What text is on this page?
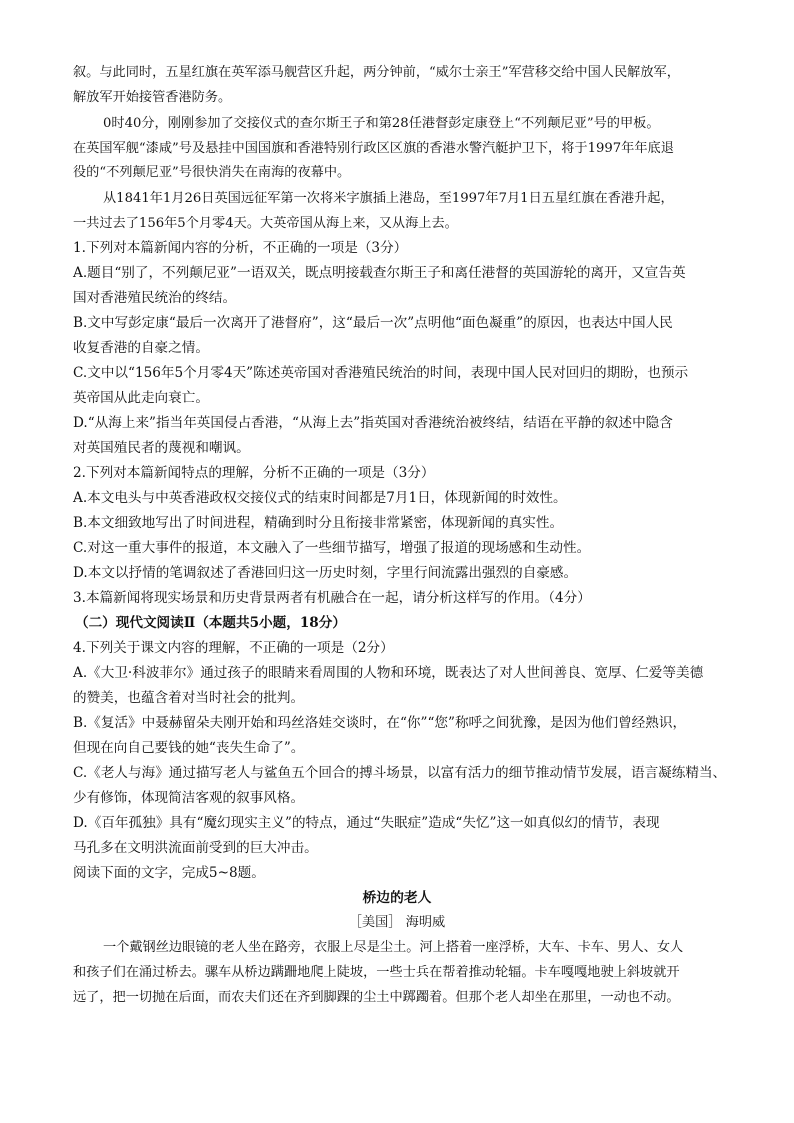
叙。与此同时，五星红旗在英军添马舰营区升起，两分钟前，“威尔士亲王”军营移交给中国人民解放军，
解放军开始接管香港防务。
0时40分，刚刚参加了交接仪式的查尔斯王子和第28任港督彭定康登上“不列颠尼亚”号的甲板。
在英国军舰“漆咸”号及悬挂中国国旗和香港特别行政区区旗的香港水警汽艇护卫下，将于1997年年底退
役的“不列颠尼亚”号很快消失在南海的夜幕中。
从1841年1月26日英国远征军第一次将米字旗插上港岛，至1997年7月1日五星红旗在香港升起，
一共过去了156年5个月零4天。大英帝国从海上来，又从海上去。
1.下列对本篇新闻内容的分析，不正确的一项是（3分）
A.题目“别了，不列颠尼亚”一语双关，既点明接载查尔斯王子和离任港督的英国游轮的离开，又宣告英
国对香港殖民统治的终结。
B.文中写彭定康“最后一次离开了港督府”，这“最后一次”点明他“面色凝重”的原因，也表达中国人民
收复香港的自豪之情。
C.文中以“156年5个月零4天”陈述英帝国对香港殖民统治的时间，表现中国人民对回归的期盼，也预示
英帝国从此走向衰亡。
D.“从海上来”指当年英国侵占香港，“从海上去”指英国对香港统治被终结，结语在平静的叙述中隐含
对英国殖民者的蔑视和嘲讽。
2.下列对本篇新闻特点的理解，分析不正确的一项是（3分）
A.本文电头与中英香港政权交接仪式的结束时间都是7月1日，体现新闻的时效性。
B.本文细致地写出了时间进程，精确到时分且衔接非常紧密，体现新闻的真实性。
C.对这一重大事件的报道，本文融入了一些细节描写，增强了报道的现场感和生动性。
D.本文以抒情的笔调叙述了香港回归这一历史时刻，字里行间流露出强烈的自豪感。
3.本篇新闻将现实场景和历史背景两者有机融合在一起，请分析这样写的作用。（4分）
（二）现代文阅读Ⅱ（本题共5小题，18分）
4.下列关于课文内容的理解，不正确的一项是（2分）
A.《大卫·科波菲尔》通过孩子的眼睛来看周围的人物和环境，既表达了对人世间善良、宽厚、仁爱等美德
的赞美，也蕴含着对当时社会的批判。
B.《复活》中聂赫留朵夫刚开始和玛丝洛娃交谈时，在“你”“您”称呼之间犹豫，是因为他们曾经熟识，
但现在向自己要钱的她“丧失生命了”。
C.《老人与海》通过描写老人与鲨鱼五个回合的搏斗场景，以富有活力的细节推动情节发展，语言凝练精当、
少有修饰，体现简洁客观的叙事风格。
D.《百年孤独》具有“魔幻现实主义”的特点，通过“失眠症”造成“失忆”这一如真似幻的情节，表现
马孔多在文明洪流面前受到的巨大冲击。
阅读下面的文字，完成5~8题。
桥边的老人
［美国］ 海明威
一个戴钢丝边眼镜的老人坐在路旁，衣服上尽是尘土。河上搭着一座浮桥，大车、卡车、男人、女人
和孩子们在涌过桥去。骡车从桥边蹒跚地爬上陡坡，一些士兵在帮着推动轮辐。卡车嘎嘎地驶上斜坡就开
远了，把一切抛在后面，而农夫们还在齐到脚踝的尘土中踯躅着。但那个老人却坐在那里，一动也不动。
